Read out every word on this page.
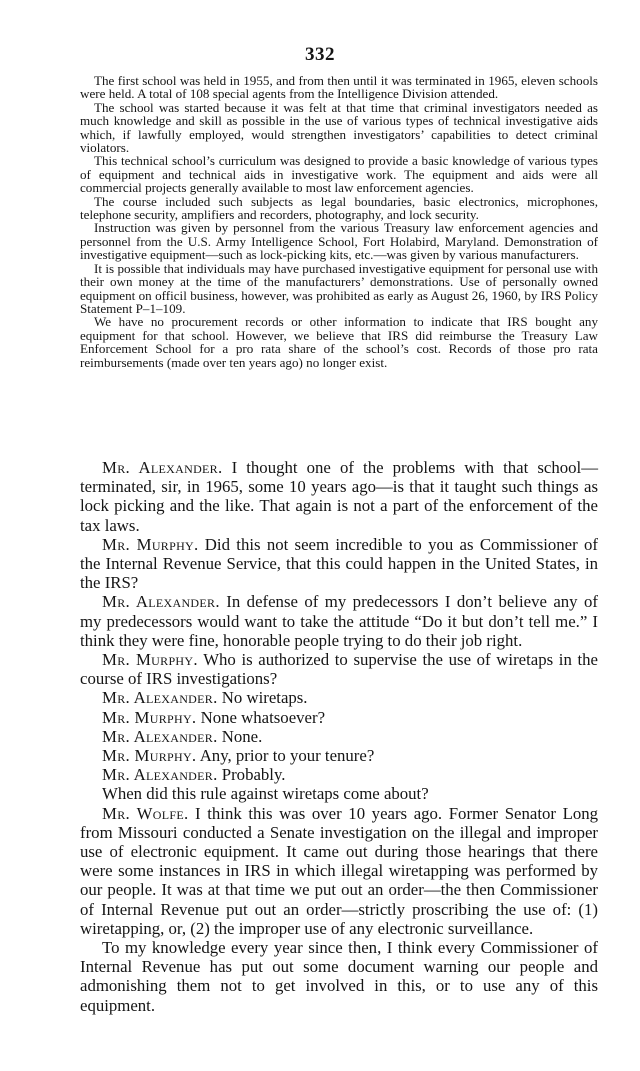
332

The first school was held in 1955, and from then until it was terminated in 1965, eleven schools were held. A total of 108 special agents from the Intelligence Division attended.

The school was started because it was felt at that time that criminal investigators needed as much knowledge and skill as possible in the use of various types of technical investigative aids which, if lawfully employed, would strengthen investigators’ capabilities to detect criminal violators.

This technical school’s curriculum was designed to provide a basic knowledge of various types of equipment and technical aids in investigative work. The equipment and aids were all commercial projects generally available to most law enforcement agencies.

The course included such subjects as legal boundaries, basic electronics, microphones, telephone security, amplifiers and recorders, photography, and lock security.

Instruction was given by personnel from the various Treasury law enforcement agencies and personnel from the U.S. Army Intelligence School, Fort Holabird, Maryland. Demonstration of investigative equipment—such as lock-picking kits, etc.—was given by various manufacturers.

It is possible that individuals may have purchased investigative equipment for personal use with their own money at the time of the manufacturers’ demonstrations. Use of personally owned equipment on officil business, however, was prohibited as early as August 26, 1960, by IRS Policy Statement P–1–109.

We have no procurement records or other information to indicate that IRS bought any equipment for that school. However, we believe that IRS did reimburse the Treasury Law Enforcement School for a pro rata share of the school’s cost. Records of those pro rata reimbursements (made over ten years ago) no longer exist.

Mr. Alexander. I thought one of the problems with that school—terminated, sir, in 1965, some 10 years ago—is that it taught such things as lock picking and the like. That again is not a part of the enforcement of the tax laws.

Mr. Murphy. Did this not seem incredible to you as Commissioner of the Internal Revenue Service, that this could happen in the United States, in the IRS?

Mr. Alexander. In defense of my predecessors I don’t believe any of my predecessors would want to take the attitude “Do it but don’t tell me.” I think they were fine, honorable people trying to do their job right.

Mr. Murphy. Who is authorized to supervise the use of wiretaps in the course of IRS investigations?

Mr. Alexander. No wiretaps.

Mr. Murphy. None whatsoever?

Mr. Alexander. None.

Mr. Murphy. Any, prior to your tenure?

Mr. Alexander. Probably.

When did this rule against wiretaps come about?

Mr. Wolfe. I think this was over 10 years ago. Former Senator Long from Missouri conducted a Senate investigation on the illegal and improper use of electronic equipment. It came out during those hearings that there were some instances in IRS in which illegal wiretapping was performed by our people. It was at that time we put out an order—the then Commissioner of Internal Revenue put out an order—strictly proscribing the use of: (1) wiretapping, or, (2) the improper use of any electronic surveillance.

To my knowledge every year since then, I think every Commissioner of Internal Revenue has put out some document warning our people and admonishing them not to get involved in this, or to use any of this equipment.
